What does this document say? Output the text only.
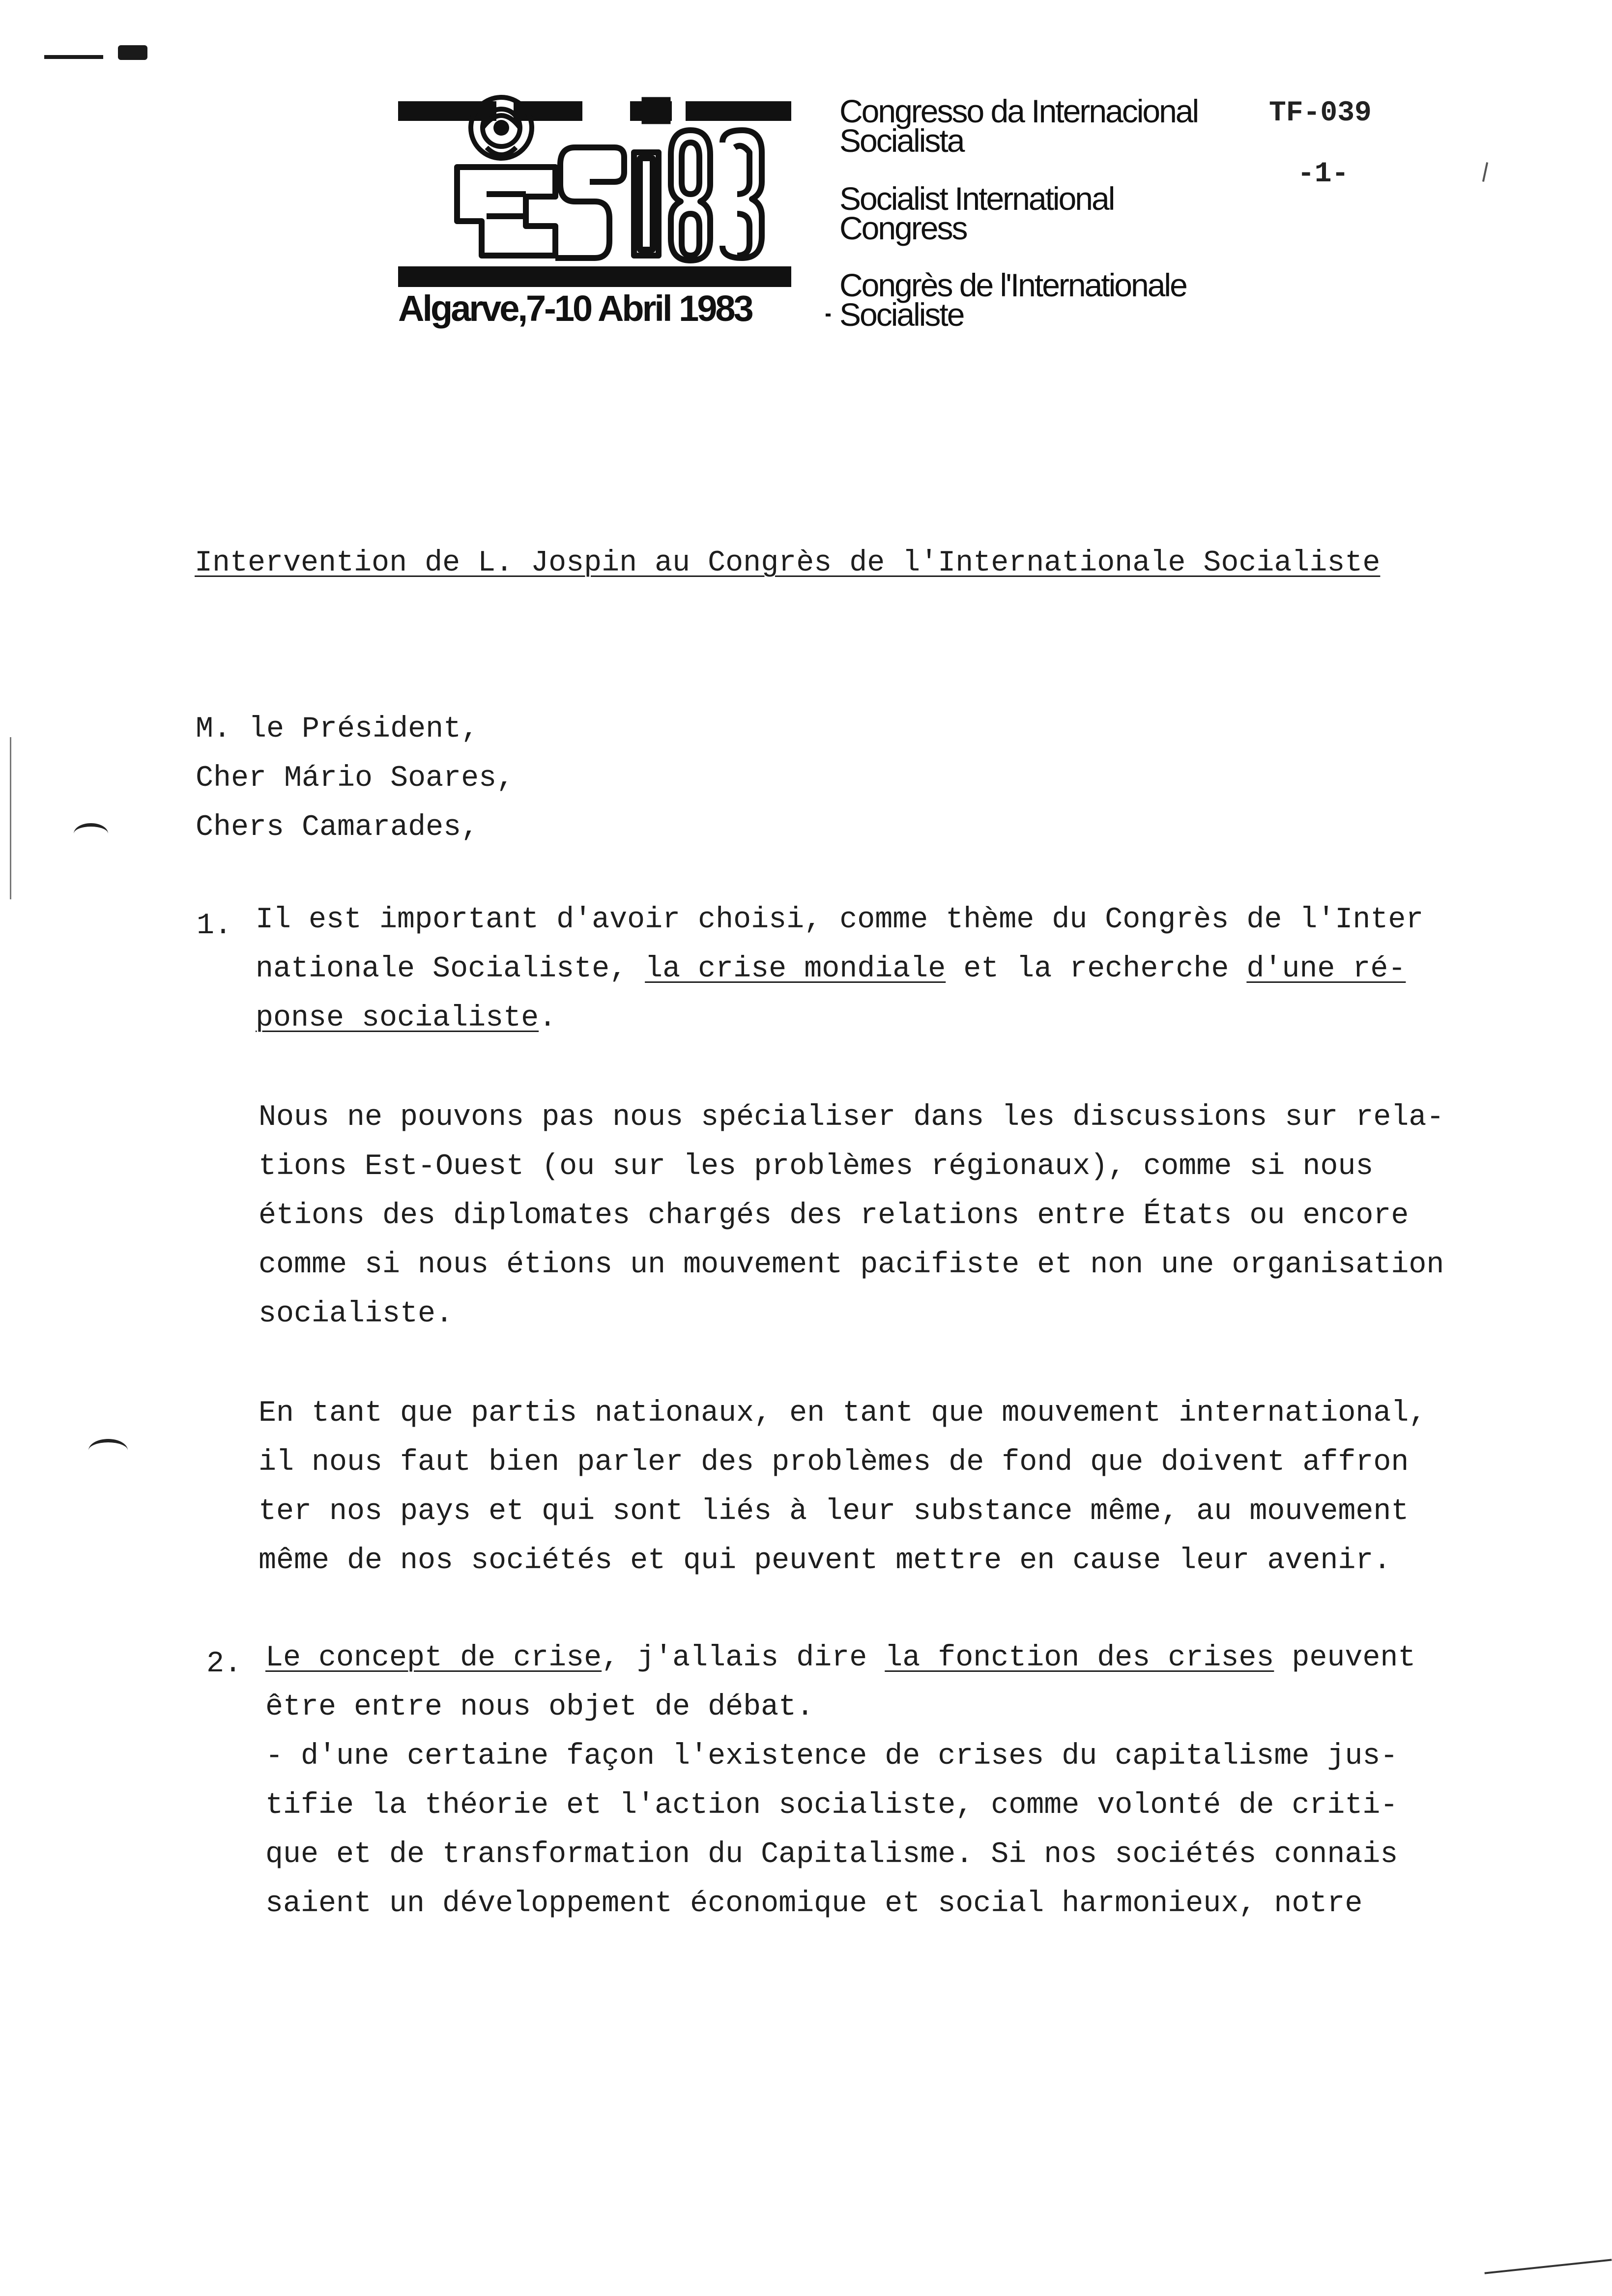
si83
Algarve,7-10 Abril 1983
Congresso da Internacional
Socialista
Socialist International
Congress
Congrès de l'Internationale
Socialiste
TF-039
-1-
Intervention de L. Jospin au Congrès de l'Internationale Socialiste
M. le Président,
Cher Mário Soares,
Chers Camarades,
1. Il est important d'avoir choisi, comme thème du Congrès de l'Inter
nationale Socialiste, la crise mondiale et la recherche d'une ré-
ponse socialiste.
Nous ne pouvons pas nous spécialiser dans les discussions sur rela-
tions Est-Ouest (ou sur les problèmes régionaux), comme si nous
étions des diplomates chargés des relations entre États ou encore
comme si nous étions un mouvement pacifiste et non une organisation
socialiste.
En tant que partis nationaux, en tant que mouvement international,
il nous faut bien parler des problèmes de fond que doivent affron
ter nos pays et qui sont liés à leur substance même, au mouvement
même de nos sociétés et qui peuvent mettre en cause leur avenir.
2. Le concept de crise, j'allais dire la fonction des crises peuvent
être entre nous objet de débat.
- d'une certaine façon l'existence de crises du capitalisme jus-
tifie la théorie et l'action socialiste, comme volonté de criti-
que et de transformation du Capitalisme. Si nos sociétés connais
saient un développement économique et social harmonieux, notre
